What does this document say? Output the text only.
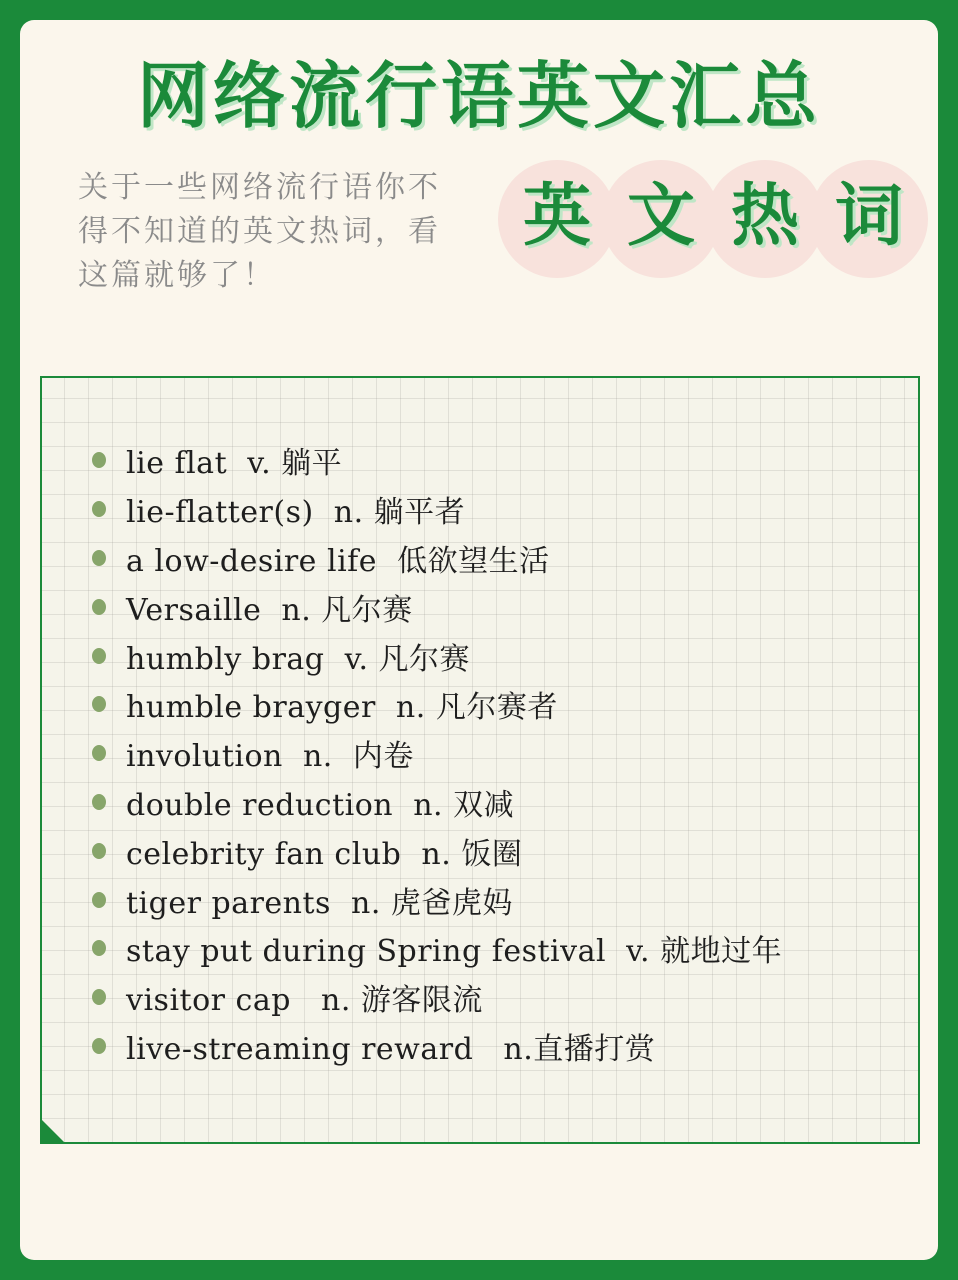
网络流行语英文汇总
关于一些网络流行语你不得不知道的英文热词，看这篇就够了！
英 文 热 词
lie flat  v. 躺平
lie-flatter(s)  n. 躺平者
a low-desire life  低欲望生活
Versaille  n. 凡尔赛
humbly brag  v. 凡尔赛
humble brayger  n. 凡尔赛者
involution  n.  内卷
double reduction  n. 双减
celebrity fan club  n. 饭圈
tiger parents  n. 虎爸虎妈
stay put during Spring festival  v. 就地过年
visitor cap   n. 游客限流
live-streaming reward   n.直播打赏
